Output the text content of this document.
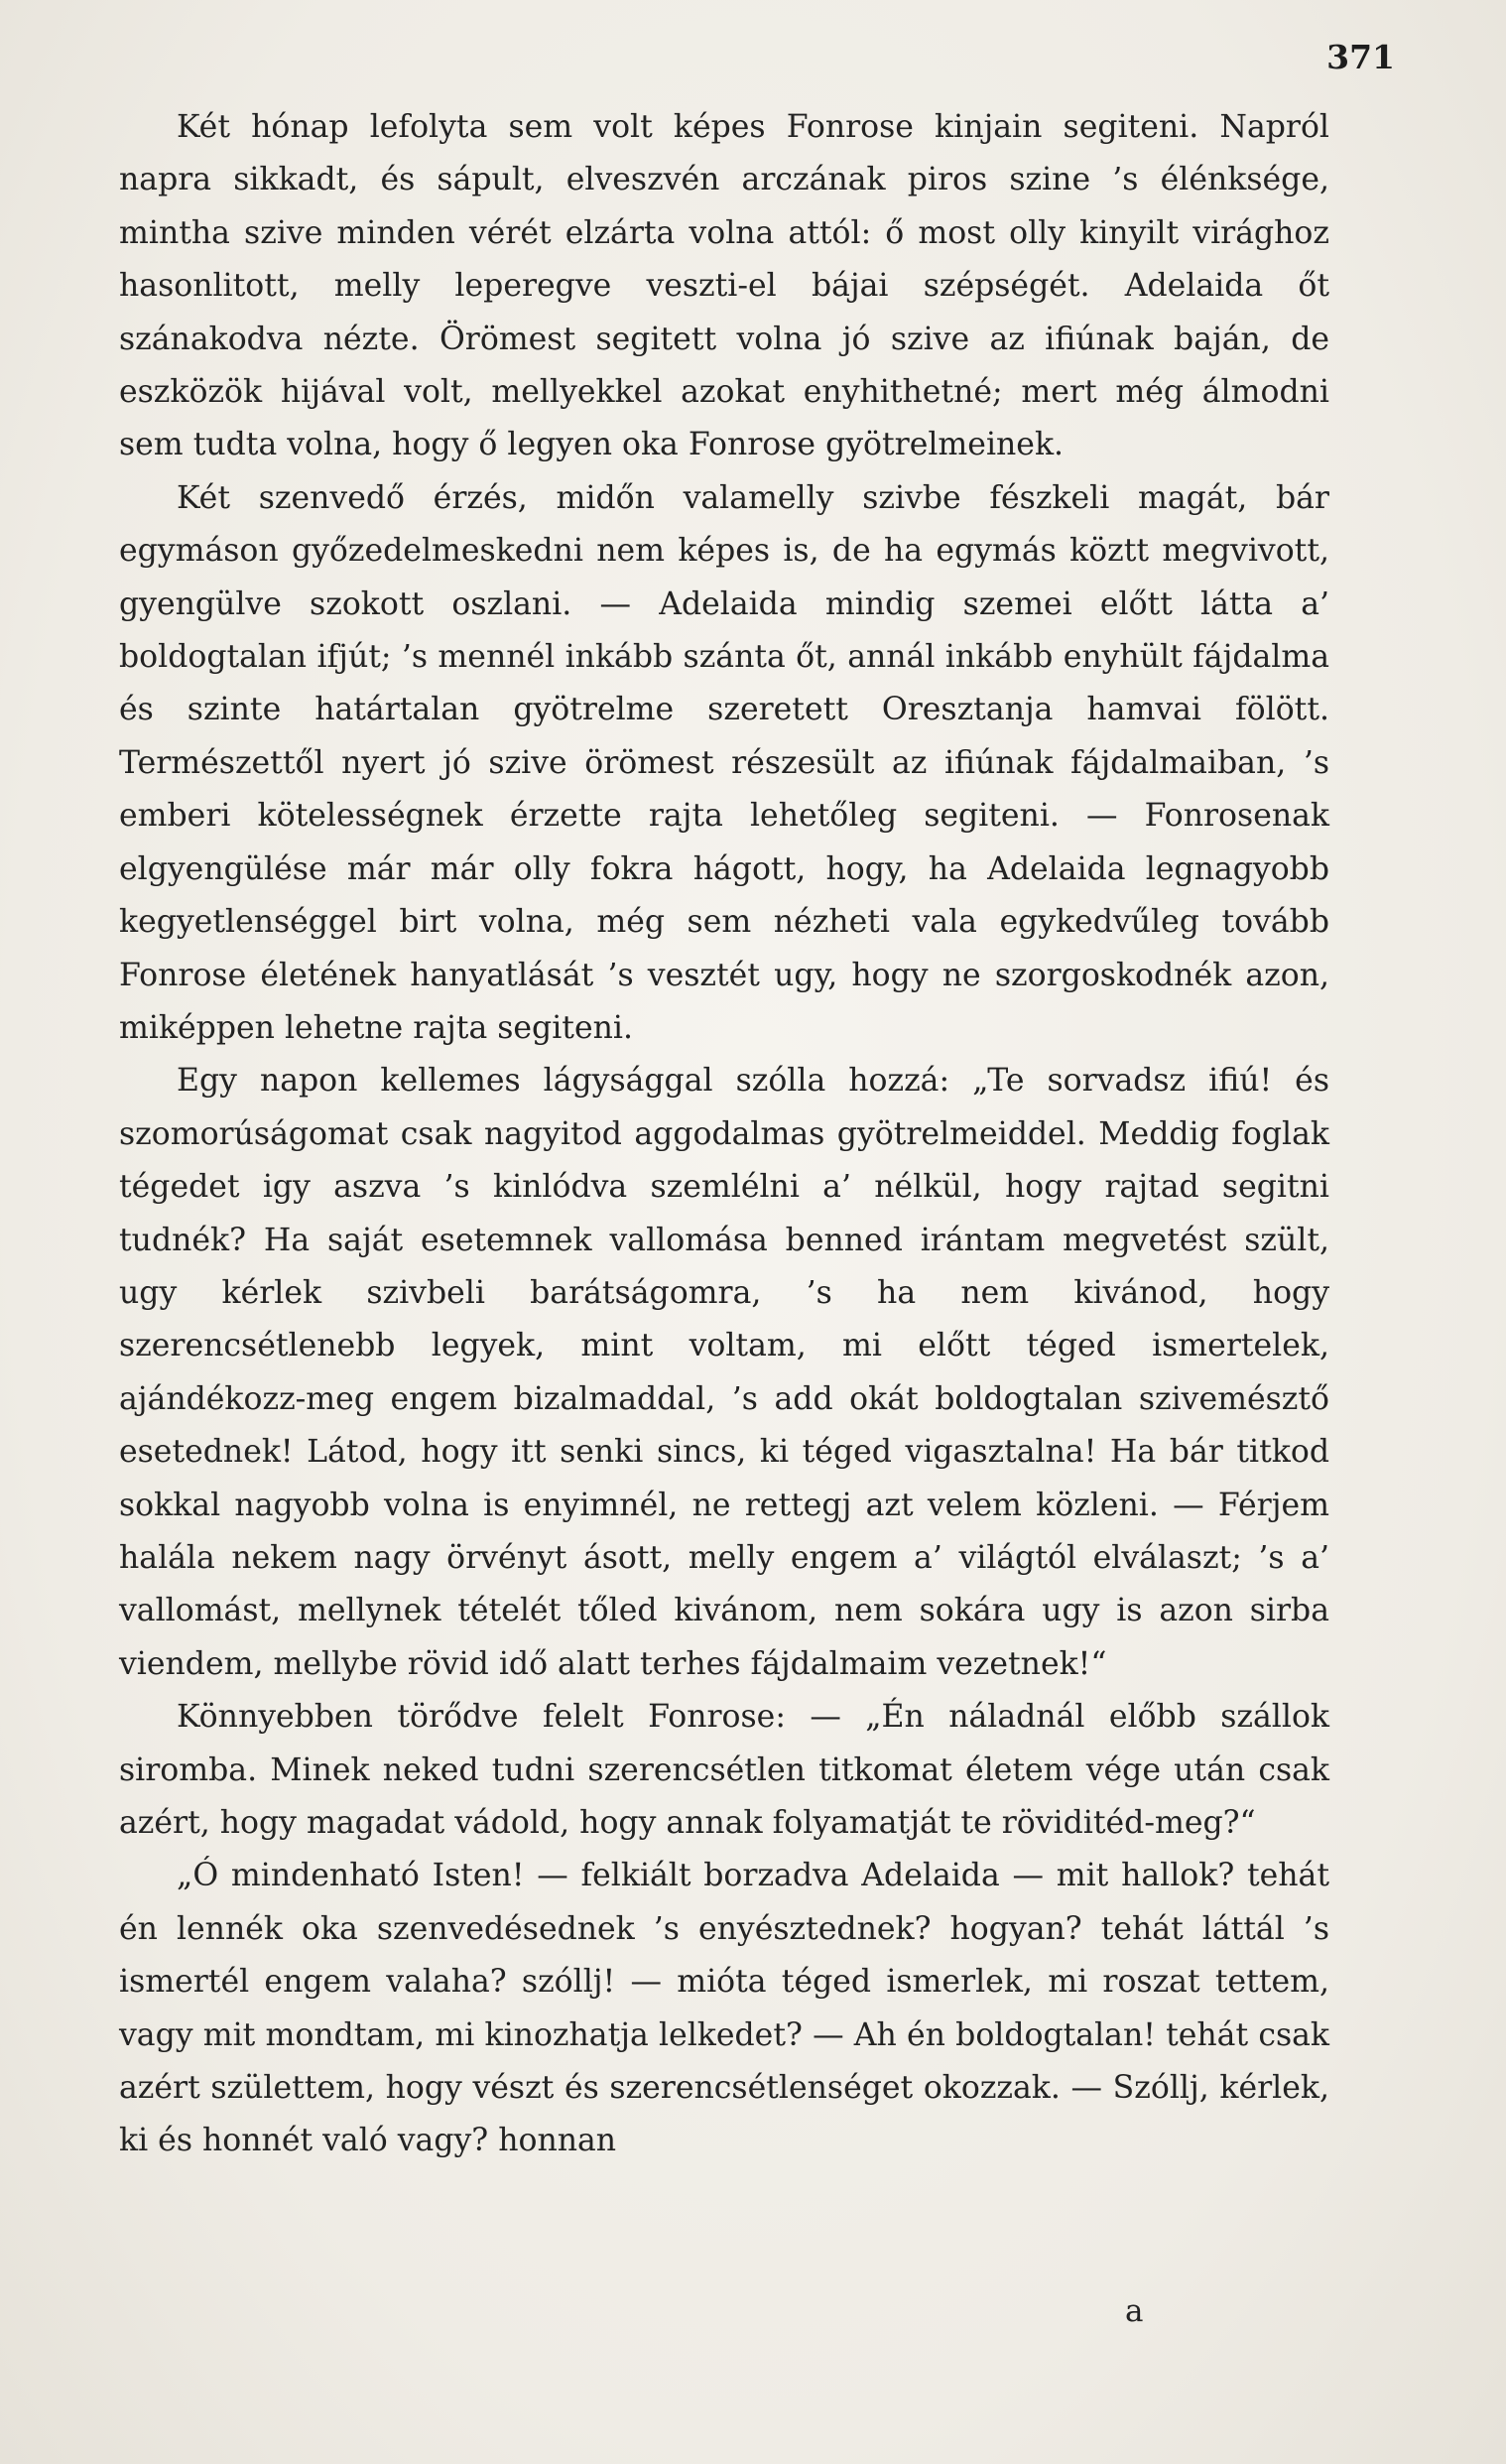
371

Két hónap lefolyta sem volt képes Fonrose kinjain segiteni. Napról napra sikkadt, és sápult, elveszvén arczának piros szine ’s élénksége, mintha szive minden vérét elzárta volna attól: ő most olly kinyilt virághoz hasonlitott, melly leperegve veszti-el bájai szépségét. Adelaida őt szánakodva nézte. Örömest segitett volna jó szive az ifiúnak baján, de eszközök hijával volt, mellyekkel azokat enyhithetné; mert még álmodni sem tudta volna, hogy ő legyen oka Fonrose gyötrelmeinek.

Két szenvedő érzés, midőn valamelly szivbe fészkeli magát, bár egymáson győzedelmeskedni nem képes is, de ha egymás köztt megvivott, gyengülve szokott oszlani. — Adelaida mindig szemei előtt látta a’ boldogtalan ifjút; ’s mennél inkább szánta őt, annál inkább enyhült fájdalma és szinte határtalan gyötrelme szeretett Oresztanja hamvai fölött. Természettől nyert jó szive örömest részesült az ifiúnak fájdalmaiban, ’s emberi kötelességnek érzette rajta lehetőleg segiteni. — Fonrosenak elgyengülése már már olly fokra hágott, hogy, ha Adelaida legnagyobb kegyetlenséggel birt volna, még sem nézheti vala egykedvűleg tovább Fonrose életének hanyatlását ’s vesztét ugy, hogy ne szorgoskodnék azon, miképpen lehetne rajta segiteni.

Egy napon kellemes lágysággal szólla hozzá: „Te sorvadsz ifiú! és szomorúságomat csak nagyitod aggodalmas gyötrelmeiddel. Meddig foglak tégedet igy aszva ’s kinlódva szemlélni a’ nélkül, hogy rajtad segitni tudnék? Ha saját esetemnek vallomása benned irántam megvetést szült, ugy kérlek szivbeli barátságomra, ’s ha nem kivánod, hogy szerencsétlenebb legyek, mint voltam, mi előtt téged ismertelek, ajándékozz-meg engem bizalmaddal, ’s add okát boldogtalan szivemésztő esetednek! Látod, hogy itt senki sincs, ki téged vigasztalna! Ha bár titkod sokkal nagyobb volna is enyimnél, ne rettegj azt velem közleni. — Férjem halála nekem nagy örvényt ásott, melly engem a’ világtól elválaszt; ’s a’ vallomást, mellynek tételét tőled kivánom, nem sokára ugy is azon sirba viendem, mellybe rövid idő alatt terhes fájdalmaim vezetnek!“

Könnyebben törődve felelt Fonrose: — „Én náladnál előbb szállok siromba. Minek neked tudni szerencsétlen titkomat életem vége után csak azért, hogy magadat vádold, hogy annak folyamatját te röviditéd-meg?“

„Ó mindenható Isten! — felkiált borzadva Adelaida — mit hallok? tehát én lennék oka szenvedésednek ’s enyésztednek? hogyan? tehát láttál ’s ismertél engem valaha? szóllj! — mióta téged ismerlek, mi roszat tettem, vagy mit mondtam, mi kinozhatja lelkedet? — Ah én boldogtalan! tehát csak azért születtem, hogy vészt és szerencsétlenséget okozzak. — Szóllj, kérlek, ki és honnét való vagy? honnan

a
